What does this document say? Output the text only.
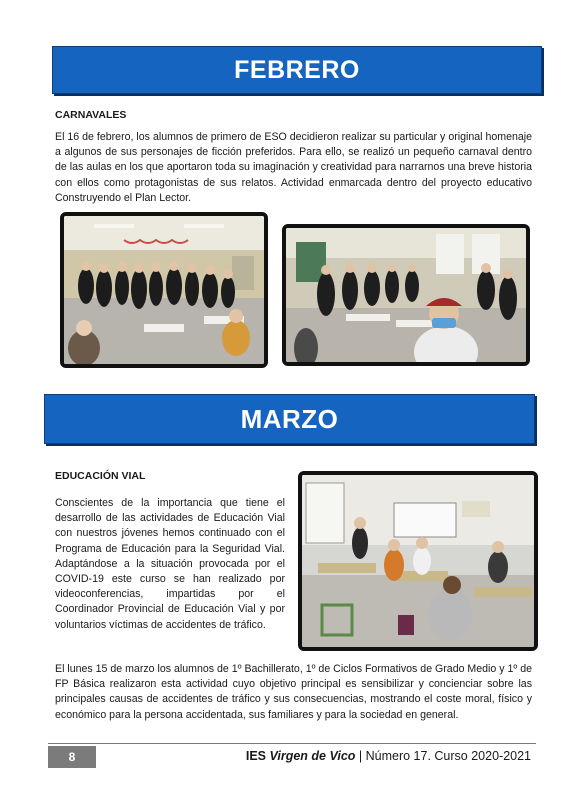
FEBRERO
CARNAVALES

El 16 de febrero, los alumnos de primero de ESO decidieron realizar su particular y original homenaje a algunos de sus personajes de ficción preferidos. Para ello, se realizó un pequeño carnaval dentro de las aulas en los que aportaron toda su imaginación y creatividad para narrarnos una breve historia con ellos como protagonistas de sus relatos. Actividad enmarcada dentro del proyecto educativo Construyendo el Plan Lector.

MARZO
EDUCACIÓN VIAL

Conscientes de la importancia que tiene el desarrollo de las actividades de Educación Vial con nuestros jóvenes hemos continuado con el Programa de Educación para la Seguridad Vial. Adaptándose a la situación provocada por el COVID-19 este curso se han realizado por videoconferencias, impartidas por el Coordinador Provincial de Educación Vial y por voluntarios víctimas de accidentes de tráfico.

El lunes 15 de marzo los alumnos de 1º Bachillerato, 1º de Ciclos Formativos de Grado Medio y 1º de FP Básica realizaron esta actividad cuyo objetivo principal es sensibilizar y concienciar sobre las principales causas de accidentes de tráfico y sus consecuencias, mostrando el coste moral, físico y económico para la persona accidentada, sus familiares y para la sociedad en general.

8	IES Virgen de Vico | Número 17. Curso 2020-2021
